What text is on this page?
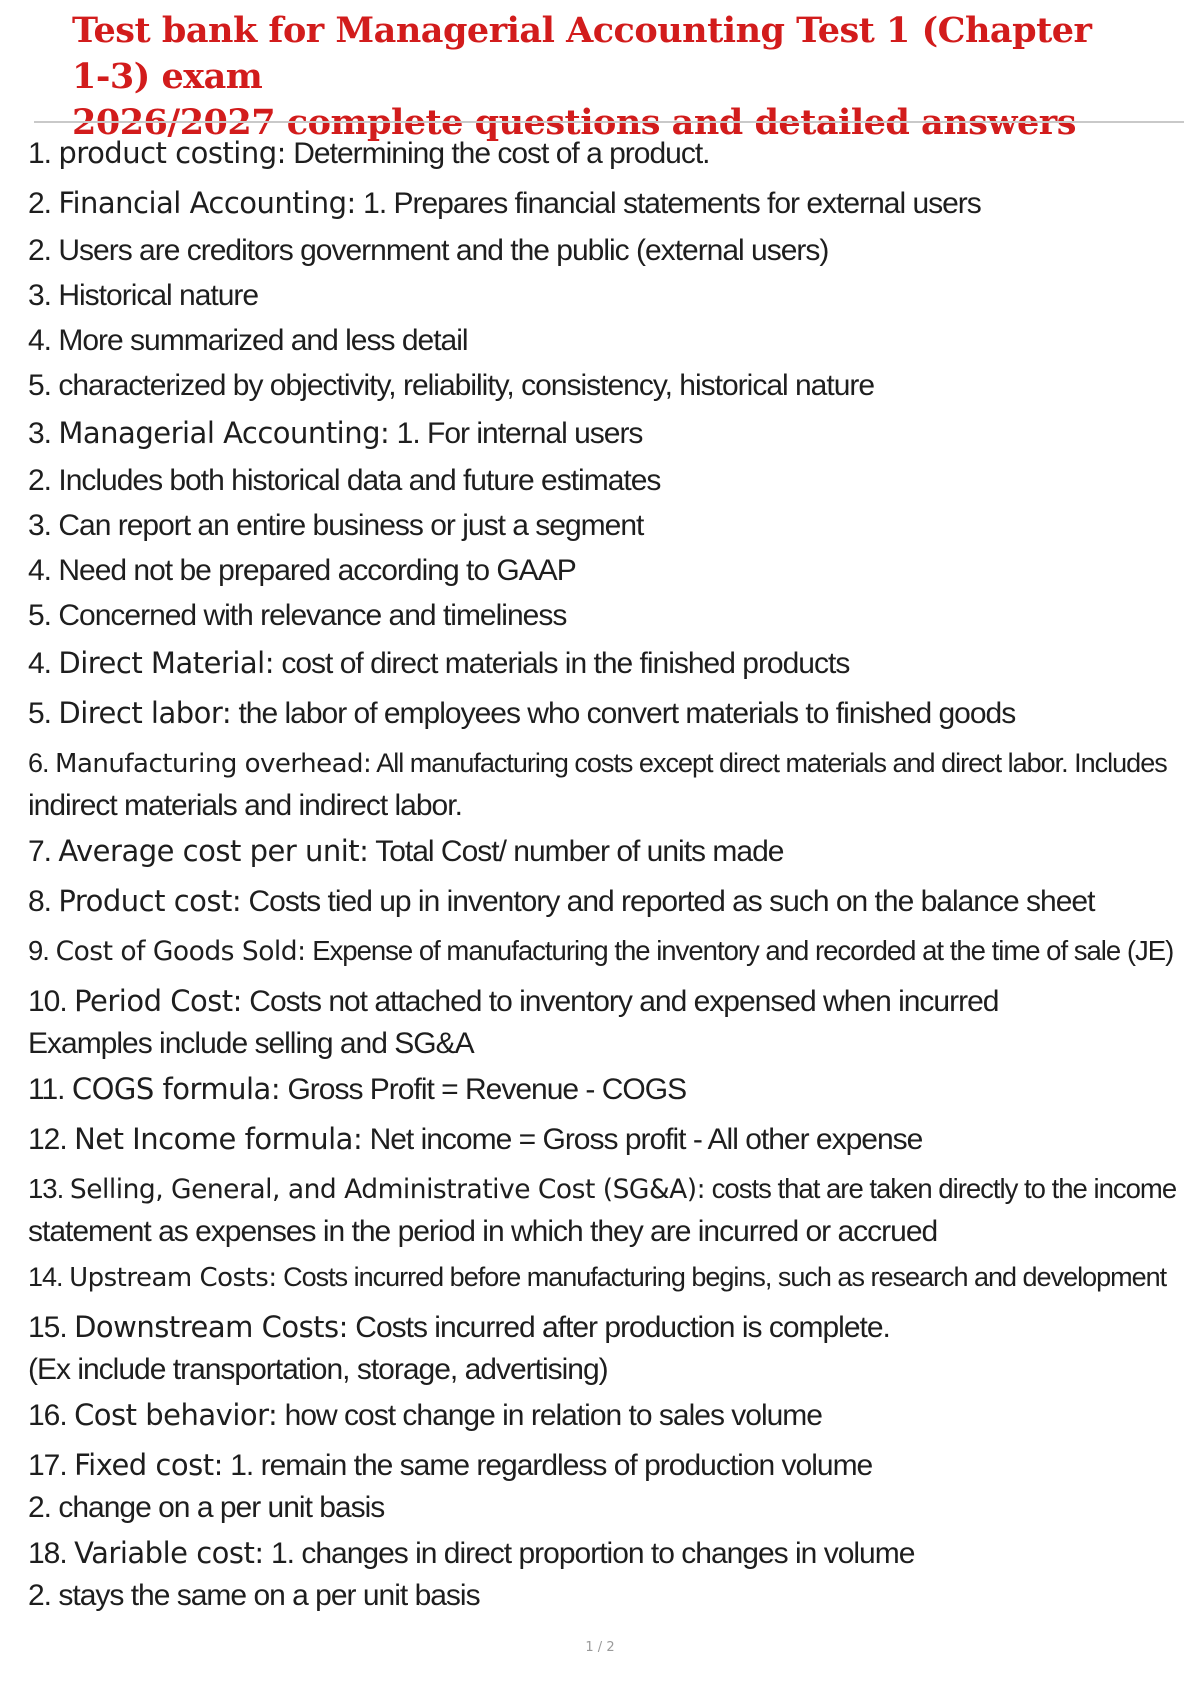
Test bank for Managerial Accounting Test 1 (Chapter 1-3) exam
2026/2027 complete questions and detailed answers
1. product costing: Determining the cost of a product.
2. Financial Accounting: 1. Prepares financial statements for external users
2. Users are creditors government and the public (external users)
3. Historical nature
4. More summarized and less detail
5. characterized by objectivity, reliability, consistency, historical nature
3. Managerial Accounting: 1. For internal users
2. Includes both historical data and future estimates
3. Can report an entire business or just a segment
4. Need not be prepared according to GAAP
5. Concerned with relevance and timeliness
4. Direct Material: cost of direct materials in the finished products
5. Direct labor: the labor of employees who convert materials to finished goods
6. Manufacturing overhead: All manufacturing costs except direct materials and direct labor. Includes
indirect materials and indirect labor.
7. Average cost per unit: Total Cost/ number of units made
8. Product cost: Costs tied up in inventory and reported as such on the balance sheet
9. Cost of Goods Sold: Expense of manufacturing the inventory and recorded at the time of sale (JE)
10. Period Cost: Costs not attached to inventory and expensed when incurred
Examples include selling and SG&A
11. COGS formula: Gross Profit = Revenue - COGS
12. Net Income formula: Net income = Gross profit - All other expense
13. Selling, General, and Administrative Cost (SG&A): costs that are taken directly to the income
statement as expenses in the period in which they are incurred or accrued
14. Upstream Costs: Costs incurred before manufacturing begins, such as research and development
15. Downstream Costs: Costs incurred after production is complete.
(Ex include transportation, storage, advertising)
16. Cost behavior: how cost change in relation to sales volume
17. Fixed cost: 1. remain the same regardless of production volume
2. change on a per unit basis
18. Variable cost: 1. changes in direct proportion to changes in volume
2. stays the same on a per unit basis
1 / 2
